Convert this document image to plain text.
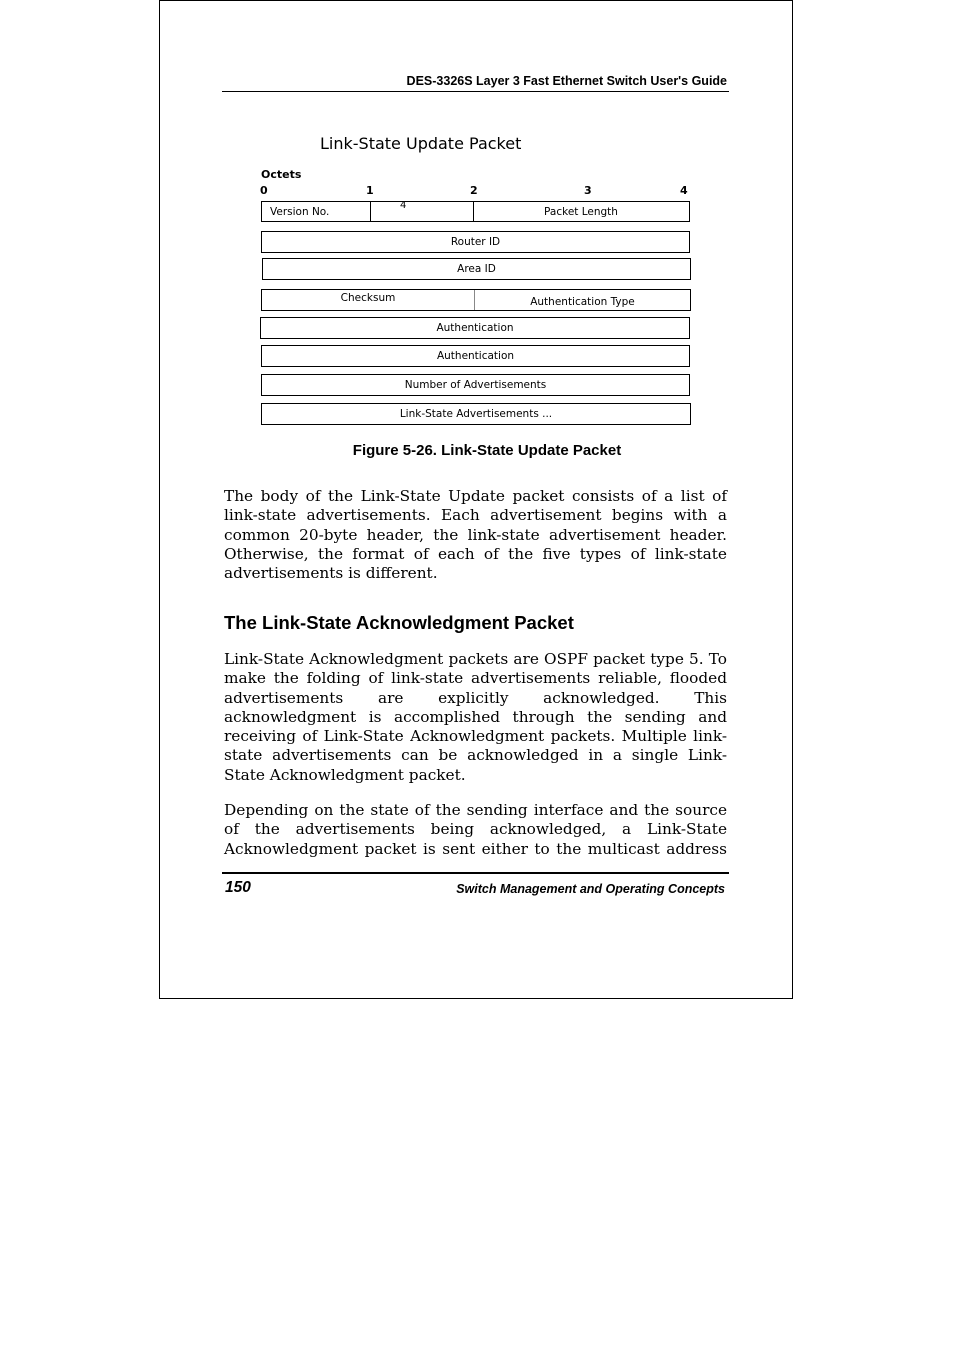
DES-3326S Layer 3 Fast Ethernet Switch User's Guide
Link-State Update Packet
Octets
0	1	2	3	4
Version No.	Packet Length
4
Router ID
Area ID
Checksum	Authentication Type
Authentication
Authentication
Number of Advertisements
Link-State Advertisements ...
Figure 5-26. Link-State Update Packet

The body of the Link-State Update packet consists of a list of link-state advertisements. Each advertisement begins with a common 20-byte header, the link-state advertisement header. Otherwise, the format of each of the five types of link-state advertisements is different.

The Link-State Acknowledgment Packet

Link-State Acknowledgment packets are OSPF packet type 5. To make the folding of link-state advertisements reliable, flooded advertisements are explicitly acknowledged. This acknowledgment is accomplished through the sending and receiving of Link-State Acknowledgment packets. Multiple link-state advertisements can be acknowledged in a single Link-State Acknowledgment packet.

Depending on the state of the sending interface and the source of the advertisements being acknowledged, a Link-State Acknowledgment packet is sent either to the multicast address

150	Switch Management and Operating Concepts
